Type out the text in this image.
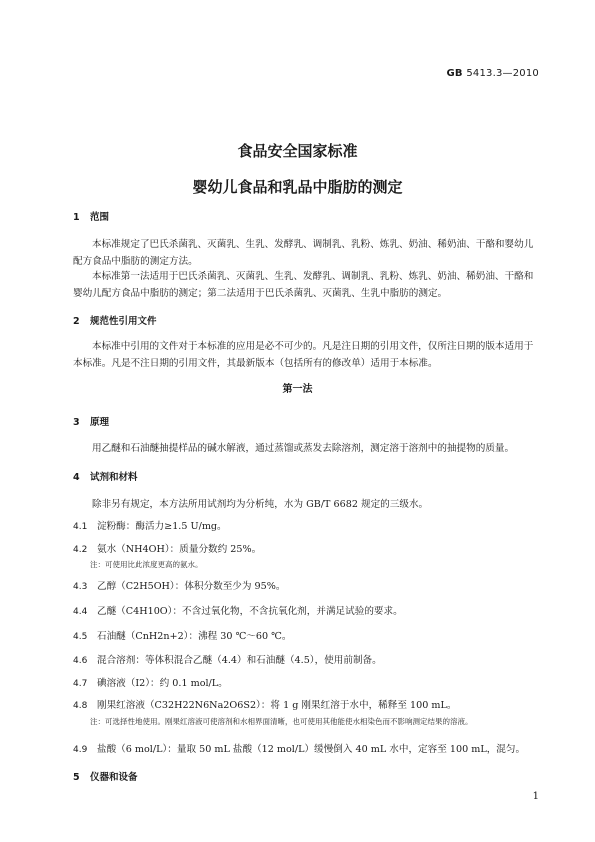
GB 5413.3—2010
食品安全国家标准
婴幼儿食品和乳品中脂肪的测定
1 范围
本标准规定了巴氏杀菌乳、灭菌乳、生乳、发酵乳、调制乳、乳粉、炼乳、奶油、稀奶油、干酪和婴幼儿配方食品中脂肪的测定方法。
本标准第一法适用于巴氏杀菌乳、灭菌乳、生乳、发酵乳、调制乳、乳粉、炼乳、奶油、稀奶油、干酪和婴幼儿配方食品中脂肪的测定；第二法适用于巴氏杀菌乳、灭菌乳、生乳中脂肪的测定。
2 规范性引用文件
本标准中引用的文件对于本标准的应用是必不可少的。凡是注日期的引用文件，仅所注日期的版本适用于本标准。凡是不注日期的引用文件，其最新版本（包括所有的修改单）适用于本标准。
第一法
3 原理
用乙醚和石油醚抽提样品的碱水解液，通过蒸馏或蒸发去除溶剂，测定溶于溶剂中的抽提物的质量。
4 试剂和材料
除非另有规定，本方法所用试剂均为分析纯，水为 GB/T 6682 规定的三级水。
4.1 淀粉酶：酶活力≥1.5 U/mg。
4.2 氨水（NH4OH）：质量分数约 25%。
注：可使用比此浓度更高的氨水。
4.3 乙醇（C2H5OH）：体积分数至少为 95%。
4.4 乙醚（C4H10O）：不含过氧化物，不含抗氧化剂，并满足试验的要求。
4.5 石油醚（CnH2n+2）：沸程 30 ℃～60 ℃。
4.6 混合溶剂：等体积混合乙醚（4.4）和石油醚（4.5），使用前制备。
4.7 碘溶液（I2）：约 0.1 mol/L。
4.8 刚果红溶液（C32H22N6Na2O6S2）：将 1 g 刚果红溶于水中，稀释至 100 mL。
注：可选择性地使用。刚果红溶液可使溶剂和水相界面清晰，也可使用其他能使水相染色而不影响测定结果的溶液。
4.9 盐酸（6 mol/L）：量取 50 mL 盐酸（12 mol/L）缓慢倒入 40 mL 水中，定容至 100 mL，混匀。
5 仪器和设备
1
